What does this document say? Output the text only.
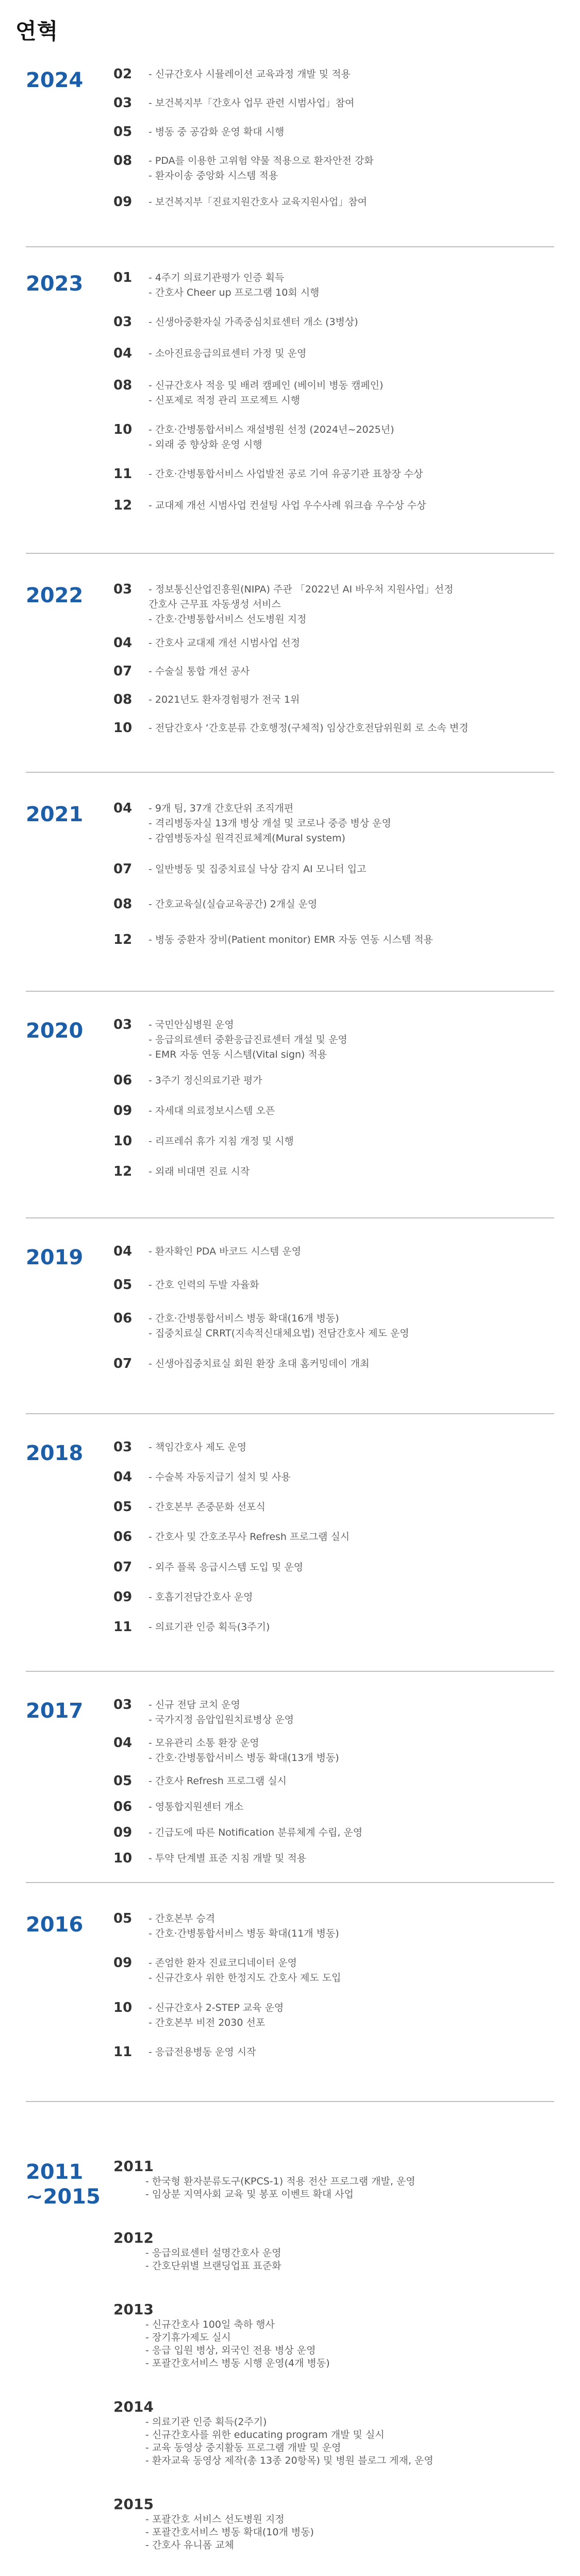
연혁
2024 02	- 신규간호사 시뮬레이션 교육과정 개발 및 적용
03	- 보건복지부「간호사 업무 관련 시범사업」참여
05	- 병동 중 공감화 운영 확대 시행
08	- PDA를 이용한 고위험 약물 적용으로 환자안전 강화
- 환자이송 중앙화 시스템 적용
09	- 보건복지부「진료지원간호사 교육지원사업」참여
2023 01	- 4주기 의료기관평가 인증 획득
- 간호사 Cheer up 프로그램 10회 시행
03	- 신생아중환자실 가족중심치료센터 개소 (3병상)
04	- 소아진료응급의료센터 가정 및 운영
08	- 신규간호사 적응 및 배려 캠페인 (베이비 병동 캠페인)
- 신포제로 적정 관리 프로젝트 시행
10	- 간호·간병통합서비스 재설병원 선정 (2024년~2025년)
- 외래 중 향상화 운영 시행
11	- 간호·간병통합서비스 사업발전 공로 기여 유공기관 표창장 수상
12	- 교대제 개선 시범사업 컨설팅 사업 우수사례 워크숍 우수상 수상
2022 03	- 정보통신산업진흥원(NIPA) 주관 「2022년 AI 바우처 지원사업」선정
간호사 근무표 자동생성 서비스
- 간호·간병통합서비스 선도병원 지정
04	- 간호사 교대제 개선 시범사업 선정
07	- 수술실 통합 개선 공사
08	- 2021년도 환자경험평가 전국 1위
10	- 전담간호사 ‘간호분류 간호행정(구체적) 임상간호전담위원회 로 소속 변경
2021 04	- 9개 팀, 37개 간호단위 조직개편
- 격리병동자실 13개 병상 개설 및 코로나 중증 병상 운영
- 감염병동자실 원격진료체계(Mural system)
07	- 일반병동 및 집중치료실 낙상 감지 AI 모니터 입고
08	- 간호교육실(실습교육공간) 2개실 운영
12	- 병동 중환자 장비(Patient monitor) EMR 자동 연동 시스템 적용
2020 03	- 국민안심병원 운영
- 응급의료센터 중환응급진료센터 개설 및 운영
- EMR 자동 연동 시스템(Vital sign) 적용
06	- 3주기 정신의료기관 평가
09	- 자세대 의료정보시스템 오픈
10	- 리프레쉬 휴가 지침 개정 및 시행
12	- 외래 비대면 진료 시작
2019 04	- 환자확인 PDA 바코드 시스템 운영
05	- 간호 인력의 두발 자율화
06	- 간호·간병통합서비스 병동 확대(16개 병동)
- 집중치료실 CRRT(지속적신대체요법) 전담간호사 제도 운영
07	- 신생아집중치료실 회원 환장 초대 홈커밍데이 개최
2018 03	- 책임간호사 제도 운영
04	- 수술복 자동지급기 설치 및 사용
05	- 간호본부 존중문화 선포식
06	- 간호사 및 간호조무사 Refresh 프로그램 실시
07	- 외주 플록 응급시스템 도입 및 운영
09	- 호흡기전담간호사 운영
11	- 의료기관 인증 획득(3주기)
2017 03	- 신규 전담 코치 운영
- 국가지정 음압입원치료병상 운영
04	- 모유관리 소통 환장 운영
- 간호·간병통합서비스 병동 확대(13개 병동)
05	- 간호사 Refresh 프로그램 실시
06	- 영통합지원센터 개소
09	- 긴급도에 따른 Notification 분류체계 수립, 운영
10	- 투약 단계별 표준 지침 개발 및 적용
2016 05	- 간호본부 승격
- 간호·간병통합서비스 병동 확대(11개 병동)
09	- 존엄한 환자 진료코디네이터 운영
- 신규간호사 위한 한정지도 간호사 제도 도입
10	- 신규간호사 2-STEP 교육 운영
- 간호본부 비전 2030 선포
11	- 응급전용병동 운영 시작
2011
~2015
2011
- 한국형 환자분류도구(KPCS-1) 적용 전산 프로그램 개발, 운영
- 임상분 지역사회 교육 및 봉포 이벤트 확대 사업
2012
- 응급의료센터 설명간호사 운영
- 간호단위별 브랜딩업표 표준화
2013
- 신규간호사 100일 축하 행사
- 장기휴가제도 실시
- 응급 입원 병상, 외국인 전용 병상 운영
- 포괄간호서비스 병동 시행 운영(4개 병동)
2014
- 의료기관 인증 획득(2주기)
- 신규간호사를 위한 educating program 개발 및 실시
- 교육 동영상 중지활동 프로그램 개발 및 운영
- 환자교육 동영상 제작(총 13종 20항목) 및 병원 블로그 게재, 운영
2015
- 포괄간호 서비스 선도병원 지정
- 포괄간호서비스 병동 확대(10개 병동)
- 간호사 유니폼 교체
